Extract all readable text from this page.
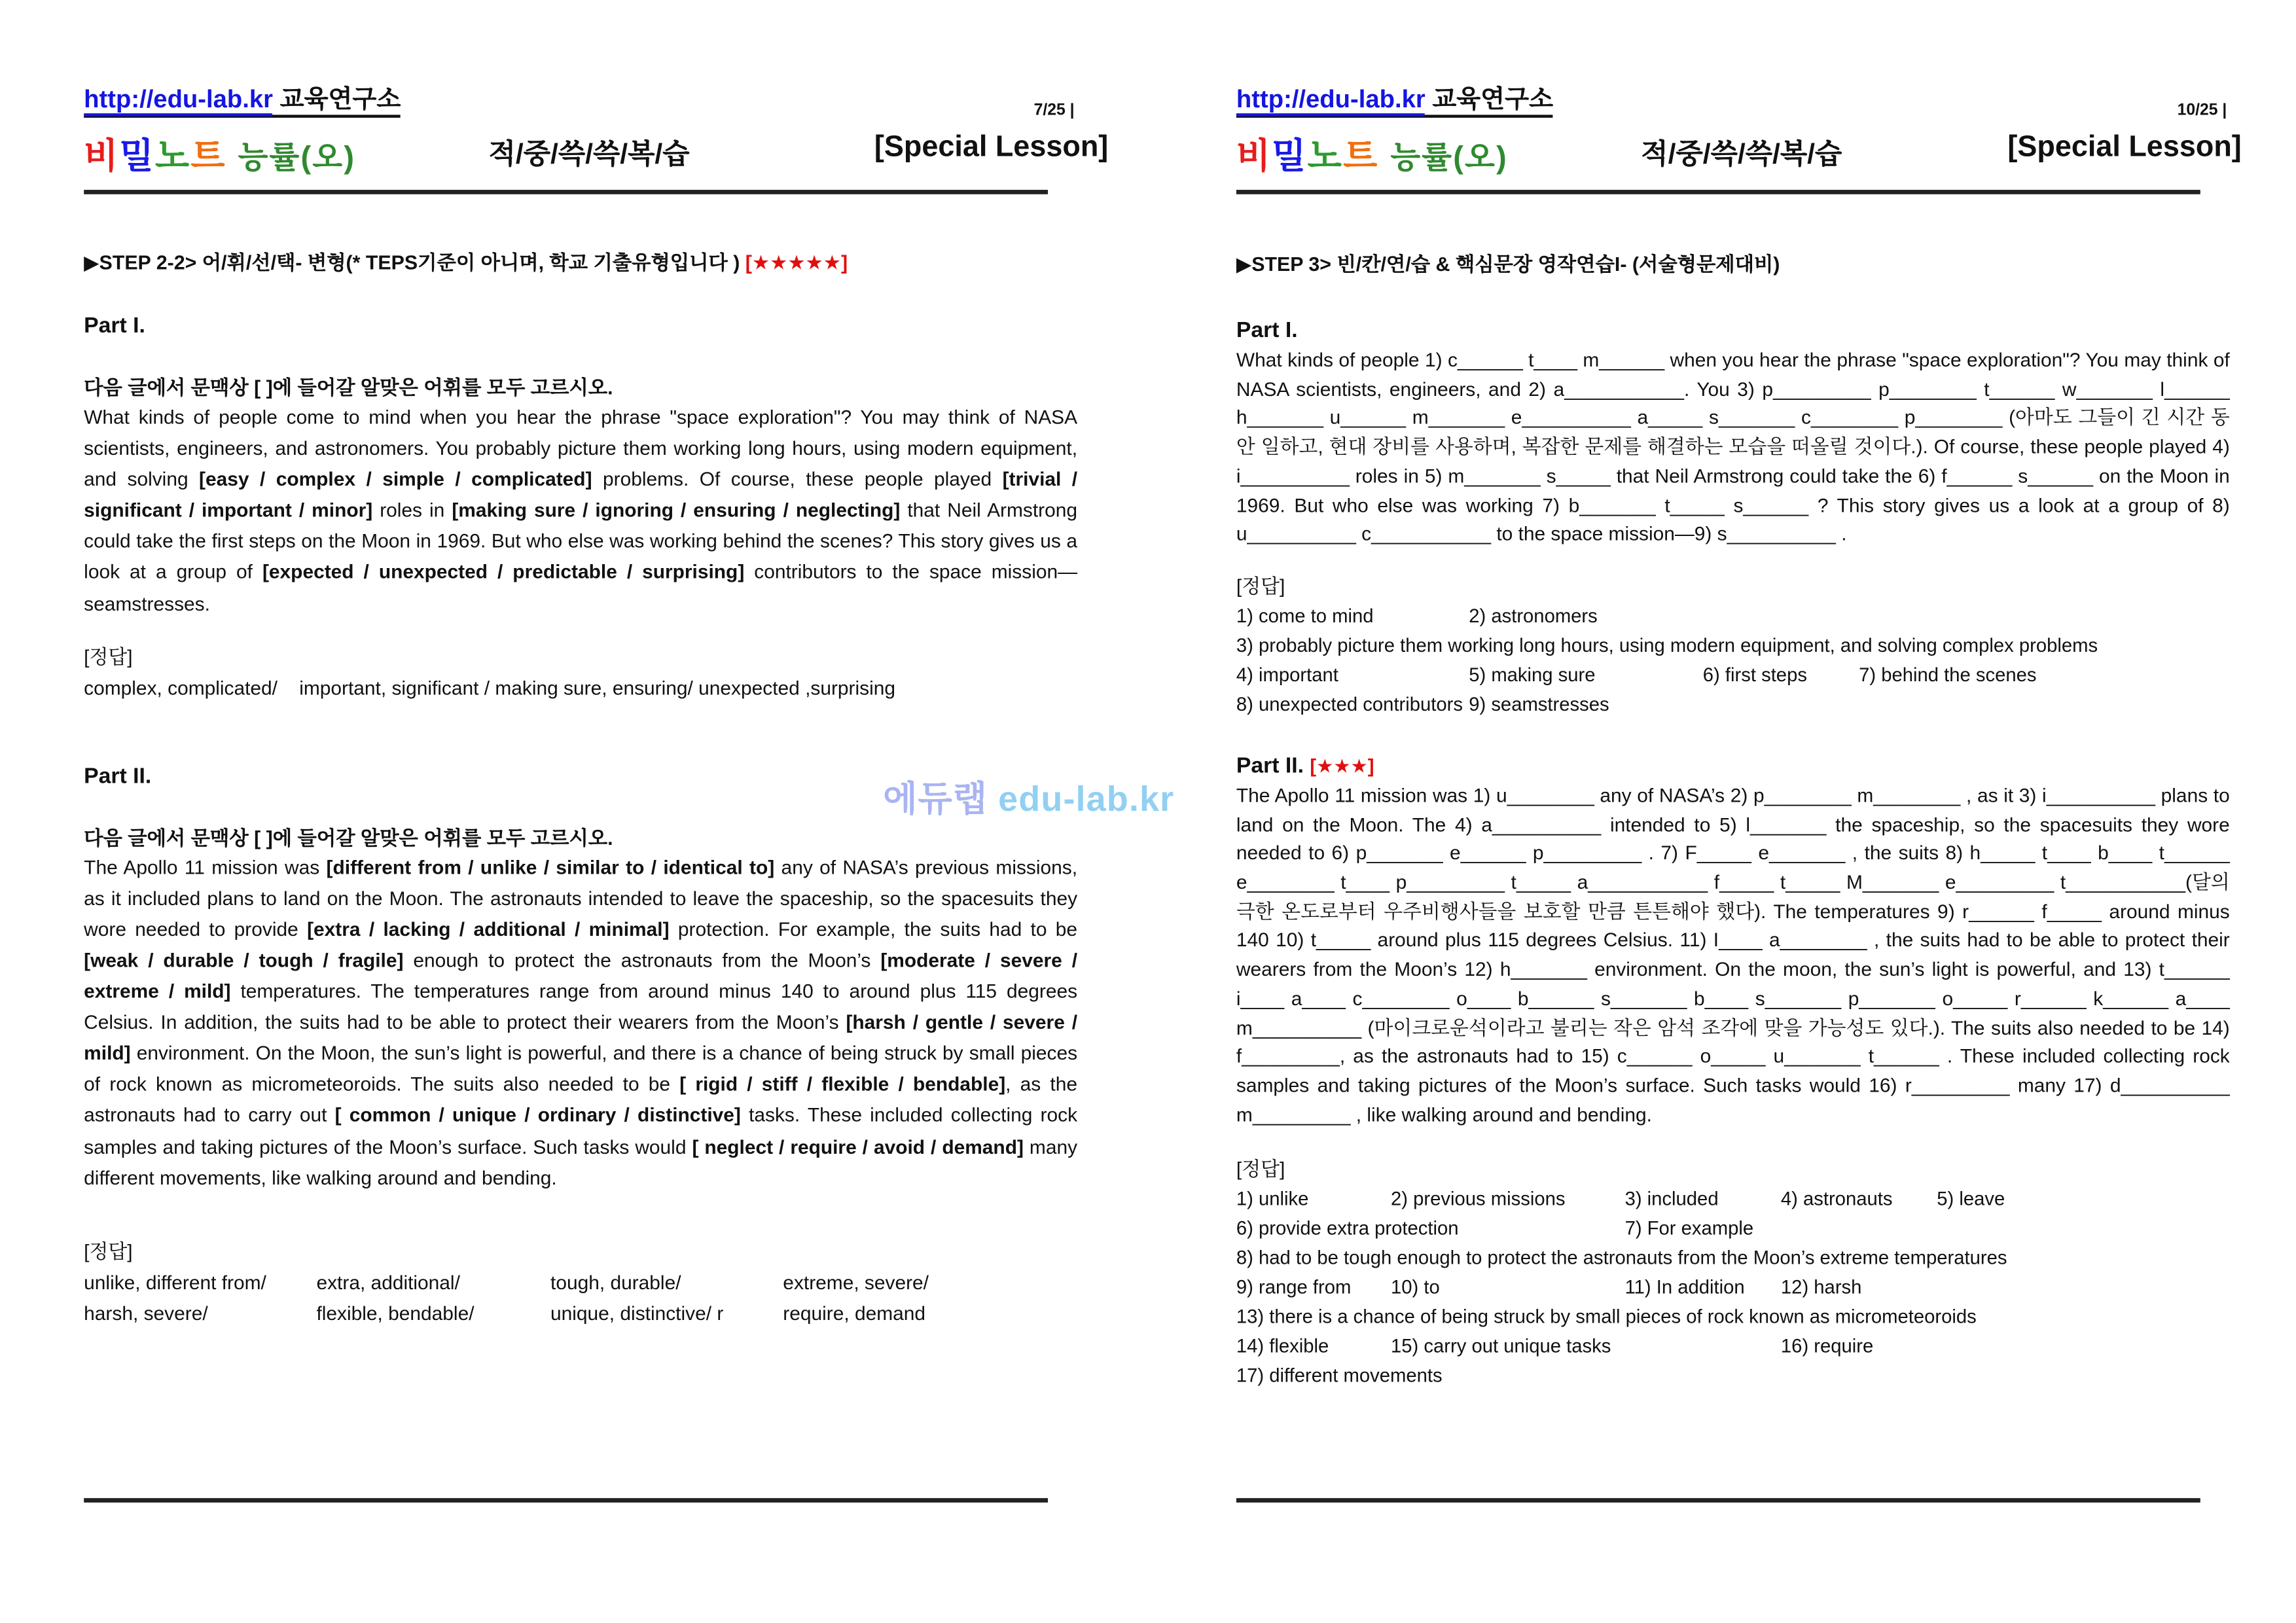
에듀랩 edu-lab.kr
http://edu-lab.kr 교육연구소	7/25 |
비밀노트 능률(오)	적/중/쓱/쓱/복/습	[Special Lesson]
▶STEP 2-2> 어/휘/선/택- 변형(* TEPS기준이 아니며, 학교 기출유형입니다 ) [★★★★★]
Part I.
다음 글에서 문맥상 [ ]에 들어갈 알맞은 어휘를 모두 고르시오.
What kinds of people come to mind when you hear the phrase "space exploration"? You may think of NASA scientists, engineers, and astronomers. You probably picture them working long hours, using modern equipment, and solving [easy / complex / simple / complicated] problems. Of course, these people played [trivial / significant / important / minor] roles in [making sure / ignoring / ensuring / neglecting] that Neil Armstrong could take the first steps on the Moon in 1969. But who else was working behind the scenes? This story gives us a look at a group of [expected / unexpected / predictable / surprising] contributors to the space mission—seamstresses.
[정답]
complex, complicated/    important, significant / making sure, ensuring/ unexpected ,surprising
Part II.
다음 글에서 문맥상 [ ]에 들어갈 알맞은 어휘를 모두 고르시오.
The Apollo 11 mission was [different from / unlike / similar to / identical to] any of NASA’s previous missions, as it included plans to land on the Moon. The astronauts intended to leave the spaceship, so the spacesuits they wore needed to provide [extra / lacking / additional / minimal] protection. For example, the suits had to be [weak / durable / tough / fragile] enough to protect the astronauts from the Moon’s [moderate / severe / extreme / mild] temperatures. The temperatures range from around minus 140 to around plus 115 degrees Celsius. In addition, the suits had to be able to protect their wearers from the Moon’s [harsh / gentle / severe / mild] environment. On the Moon, the sun’s light is powerful, and there is a chance of being struck by small pieces of rock known as micrometeoroids. The suits also needed to be [ rigid / stiff / flexible / bendable], as the astronauts had to carry out [ common / unique / ordinary / distinctive] tasks. These included collecting rock samples and taking pictures of the Moon’s surface. Such tasks would [ neglect / require / avoid / demand] many different movements, like walking around and bending.
[정답]
unlike, different from/	extra, additional/	tough, durable/	extreme, severe/
harsh, severe/	flexible, bendable/	unique, distinctive/ r	require, demand
http://edu-lab.kr 교육연구소	10/25 |
비밀노트 능률(오)	적/중/쓱/쓱/복/습	[Special Lesson]
▶STEP 3> 빈/칸/연/습 & 핵심문장 영작연습I- (서술형문제대비)
Part I.
What kinds of people 1) c______ t____ m______ when you hear the phrase "space exploration"? You may think of NASA scientists, engineers, and 2) a___________. You 3) p_________ p________ t______ w_______ l______ h_______ u______ m_______ e__________ a_____ s_______ c________ p________ (아마도 그들이 긴 시간 동안 일하고, 현대 장비를 사용하며, 복잡한 문제를 해결하는 모습을 떠올릴 것이다.). Of course, these people played 4) i__________ roles in 5) m_______ s_____ that Neil Armstrong could take the 6) f______ s______ on the Moon in 1969. But who else was working 7) b_______ t_____ s______ ? This story gives us a look at a group of 8) u__________ c___________ to the space mission—9) s__________ .
[정답]
1) come to mind	2) astronomers
3) probably picture them working long hours, using modern equipment, and solving complex problems
4) important	5) making sure	6) first steps	7) behind the scenes
8) unexpected contributors 9) seamstresses
Part II. [★★★]
The Apollo 11 mission was 1) u________ any of NASA’s 2) p________ m________ , as it 3) i__________ plans to land on the Moon. The 4) a__________ intended to 5) l_______ the spaceship, so the spacesuits they wore needed to 6) p_______ e______ p_________ . 7) F_____ e_______ , the suits 8) h_____ t____ b____ t______ e________ t____ p_________ t_____ a___________ f_____ t_____ M_______ e_________ t___________(달의 극한 온도로부터 우주비행사들을 보호할 만큼 튼튼해야 했다). The temperatures 9) r______ f_____ around minus 140 10) t_____ around plus 115 degrees Celsius. 11) I____ a________ , the suits had to be able to protect their wearers from the Moon’s 12) h_______ environment. On the moon, the sun’s light is powerful, and 13) t______ i____ a____ c________ o____ b______ s_______ b____ s_______ p_______ o_____ r______ k______ a____ m__________ (마이크로운석이라고 불리는 작은 암석 조각에 맞을 가능성도 있다.). The suits also needed to be 14) f_________, as the astronauts had to 15) c______ o_____ u_______ t______ . These included collecting rock samples and taking pictures of the Moon’s surface. Such tasks would 16) r_________ many 17) d__________ m_________ , like walking around and bending.
[정답]
1) unlike	2) previous missions	3) included	4) astronauts	5) leave
6) provide extra protection	7) For example
8) had to be tough enough to protect the astronauts from the Moon’s extreme temperatures
9) range from	10) to	11) In addition	12) harsh
13) there is a chance of being struck by small pieces of rock known as micrometeoroids
14) flexible	15) carry out unique tasks	16) require
17) different movements
